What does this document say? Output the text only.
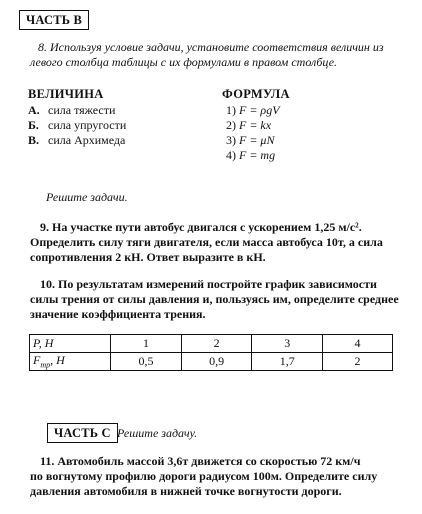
ЧАСТЬ В
8. Используя условие задачи, установите соответствия величин из левого столбца таблицы с их формулами в правом столбце.
ВЕЛИЧИНА	ФОРМУЛА
А. сила тяжести
Б. сила упругости
В. сила Архимеда
1) F = ρgV
2) F = kx
3) F = μN
4) F = mg
Решите задачи.
9. На участке пути автобус двигался с ускорением 1,25 м/с².
Определить силу тяги двигателя, если масса автобуса 10т, а сила
сопротивления 2 кН. Ответ выразите в кН.
10. По результатам измерений постройте график зависимости
силы трения от силы давления и, пользуясь им, определите среднее
значение коэффициента трения.
P, H	1	2	3	4
$F_{тр}$, H	0,5	0,9	1,7	2
ЧАСТЬ С Решите задачу.
11. Автомобиль массой 3,6т движется со скоростью 72 км/ч
по вогнутому профилю дороги радиусом 100м. Определите силу
давления автомобиля в нижней точке вогнутости дороги.
